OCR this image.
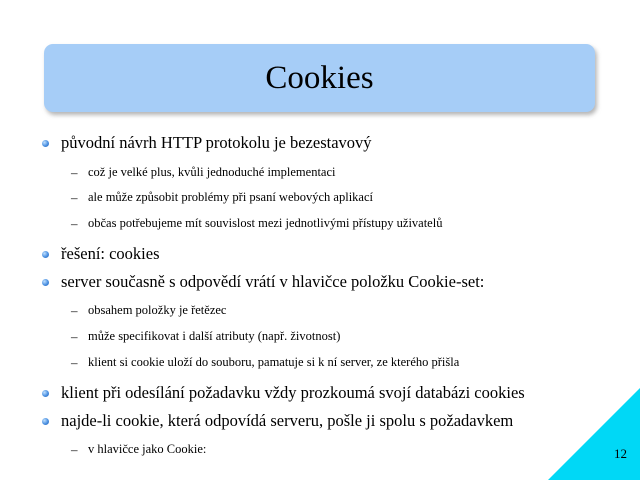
Cookies
původní návrh HTTP protokolu je bezestavový
– což je velké plus, kvůli jednoduché implementaci
– ale může způsobit problémy při psaní webových aplikací
– občas potřebujeme mít souvislost mezi jednotlivými přístupy uživatelů
řešení: cookies
server současně s odpovědí vrátí v hlavičce položku Cookie-set:
– obsahem položky je řetězec
– může specifikovat i další atributy (např. životnost)
– klient si cookie uloží do souboru, pamatuje si k ní server, ze kterého přišla
klient při odesílání požadavku vždy prozkoumá svojí databázi cookies
najde-li cookie, která odpovídá serveru, pošle ji spolu s požadavkem
– v hlavičce jako Cookie:	12
